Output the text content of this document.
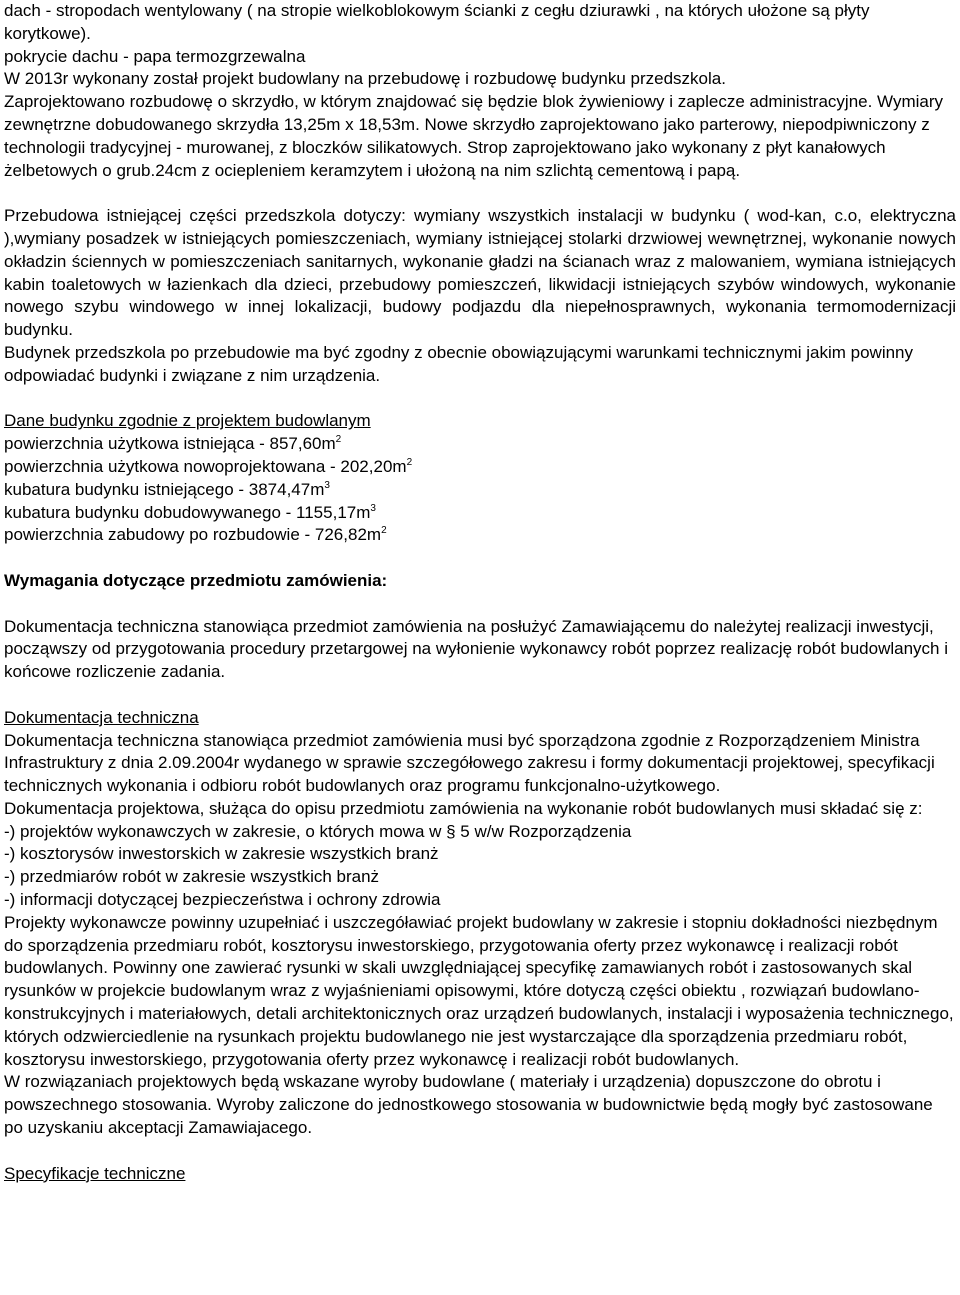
dach - stropodach wentylowany ( na stropie wielkoblokowym ścianki z cegłu dziurawki , na których ułożone są płyty korytkowe).

pokrycie dachu - papa termozgrzewalna

W 2013r wykonany został projekt budowlany na przebudowę i rozbudowę budynku przedszkola.

Zaprojektowano rozbudowę o skrzydło, w którym znajdować się będzie blok żywieniowy i zaplecze administracyjne. Wymiary zewnętrzne dobudowanego skrzydła 13,25m x 18,53m. Nowe skrzydło zaprojektowano jako parterowy, niepodpiwniczony z technologii tradycyjnej - murowanej, z bloczków silikatowych. Strop zaprojektowano jako wykonany z płyt kanałowych żelbetowych o grub.24cm z ociepleniem keramzytem i ułożoną na nim szlichtą cementową i papą.

Przebudowa istniejącej części przedszkola dotyczy: wymiany wszystkich instalacji w budynku ( wod-kan, c.o, elektryczna ),wymiany posadzek w istniejących pomieszczeniach, wymiany istniejącej stolarki drzwiowej wewnętrznej, wykonanie nowych okładzin ściennych w pomieszczeniach sanitarnych, wykonanie gładzi na ścianach wraz z malowaniem, wymiana istniejących kabin toaletowych w łazienkach dla dzieci, przebudowy pomieszczeń, likwidacji istniejących szybów windowych, wykonanie nowego szybu windowego w innej lokalizacji, budowy podjazdu dla niepełnosprawnych, wykonania termomodernizacji budynku.

Budynek przedszkola po przebudowie ma być zgodny z obecnie obowiązującymi warunkami technicznymi jakim powinny odpowiadać budynki i związane z nim urządzenia.

Dane budynku zgodnie z projektem budowlanym

powierzchnia użytkowa istniejąca - $857,60m^2$

powierzchnia użytkowa nowoprojektowana - $202,20m^2$

kubatura budynku istniejącego - $3874,47m^3$

kubatura budynku dobudowywanego - $1155,17m^3$

powierzchnia zabudowy po rozbudowie - $726,82m^2$

Wymagania dotyczące przedmiotu zamówienia:

Dokumentacja techniczna stanowiąca przedmiot zamówienia na posłużyć Zamawiającemu do należytej realizacji inwestycji, począwszy od przygotowania procedury przetargowej na wyłonienie wykonawcy robót poprzez realizację robót budowlanych i końcowe rozliczenie zadania.

Dokumentacja techniczna

Dokumentacja techniczna stanowiąca przedmiot zamówienia musi być sporządzona zgodnie z Rozporządzeniem Ministra Infrastruktury z dnia 2.09.2004r wydanego w sprawie szczegółowego zakresu i formy dokumentacji projektowej, specyfikacji technicznych wykonania i odbioru robót budowlanych oraz programu funkcjonalno-użytkowego.

Dokumentacja projektowa, służąca do opisu przedmiotu zamówienia na wykonanie robót budowlanych musi składać się z:

-) projektów wykonawczych w zakresie, o których mowa w § 5 w/w Rozporządzenia

-) kosztorysów inwestorskich w zakresie wszystkich branż

-) przedmiarów robót w zakresie wszystkich branż

-) informacji dotyczącej bezpieczeństwa i ochrony zdrowia

Projekty wykonawcze powinny uzupełniać i uszczegóławiać projekt budowlany w zakresie i stopniu dokładności niezbędnym do sporządzenia przedmiaru robót, kosztorysu inwestorskiego, przygotowania oferty przez wykonawcę i realizacji robót budowlanych. Powinny one zawierać rysunki w skali uwzględniającej specyfikę zamawianych robót i zastosowanych skal rysunków w projekcie budowlanym wraz z wyjaśnieniami opisowymi, które dotyczą części obiektu , rozwiązań budowlano-konstrukcyjnych i materiałowych, detali architektonicznych oraz urządzeń budowlanych, instalacji i wyposażenia technicznego, których odzwierciedlenie na rysunkach projektu budowlanego nie jest wystarczające dla sporządzenia przedmiaru robót, kosztorysu inwestorskiego, przygotowania oferty przez wykonawcę i realizacji robót budowlanych.

W rozwiązaniach projektowych będą wskazane wyroby budowlane ( materiały i urządzenia) dopuszczone do obrotu i powszechnego stosowania. Wyroby zaliczone do jednostkowego stosowania w budownictwie będą mogły być zastosowane po uzyskaniu akceptacji Zamawiajacego.

Specyfikacje techniczne
